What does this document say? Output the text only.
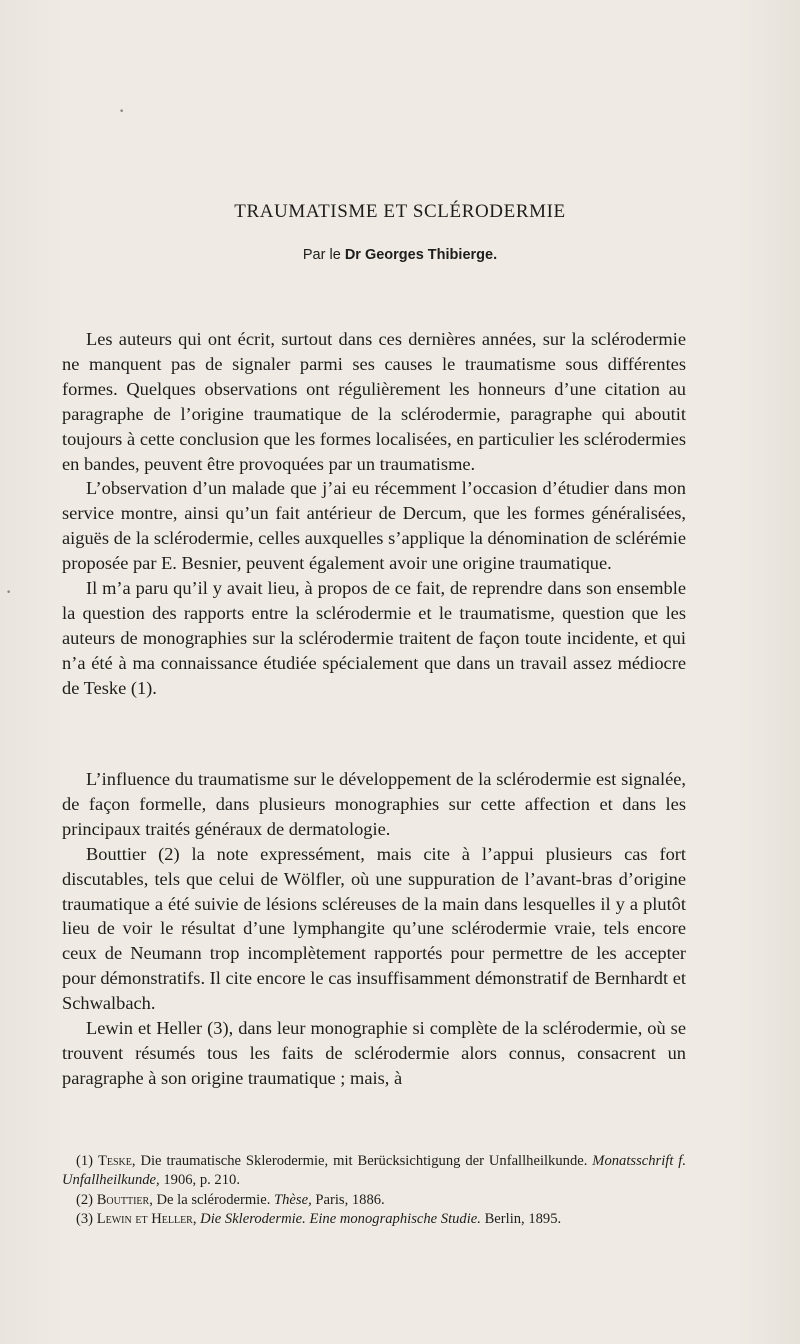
•
•
TRAUMATISME ET SCLÉRODERMIE

Par le Dr Georges Thibierge.

Les auteurs qui ont écrit, surtout dans ces dernières années, sur la sclérodermie ne manquent pas de signaler parmi ses causes le traumatisme sous différentes formes. Quelques observations ont régulièrement les honneurs d’une citation au paragraphe de l’origine traumatique de la sclérodermie, paragraphe qui aboutit toujours à cette conclusion que les formes localisées, en particulier les sclérodermies en bandes, peuvent être provoquées par un traumatisme.

L’observation d’un malade que j’ai eu récemment l’occasion d’étudier dans mon service montre, ainsi qu’un fait antérieur de Dercum, que les formes généralisées, aiguës de la sclérodermie, celles auxquelles s’applique la dénomination de sclérémie proposée par E. Besnier, peuvent également avoir une origine traumatique.

Il m’a paru qu’il y avait lieu, à propos de ce fait, de reprendre dans son ensemble la question des rapports entre la sclérodermie et le traumatisme, question que les auteurs de monographies sur la sclérodermie traitent de façon toute incidente, et qui n’a été à ma connaissance étudiée spécialement que dans un travail assez médiocre de Teske (1).

L’influence du traumatisme sur le développement de la sclérodermie est signalée, de façon formelle, dans plusieurs monographies sur cette affection et dans les principaux traités généraux de dermatologie.

Bouttier (2) la note expressément, mais cite à l’appui plusieurs cas fort discutables, tels que celui de Wölfler, où une suppuration de l’avant-bras d’origine traumatique a été suivie de lésions scléreuses de la main dans lesquelles il y a plutôt lieu de voir le résultat d’une lymphangite qu’une sclérodermie vraie, tels encore ceux de Neumann trop incomplètement rapportés pour permettre de les accepter pour démonstratifs. Il cite encore le cas insuffisamment démonstratif de Bernhardt et Schwalbach.

Lewin et Heller (3), dans leur monographie si complète de la sclérodermie, où se trouvent résumés tous les faits de sclérodermie alors connus, consacrent un paragraphe à son origine traumatique ; mais, à

(1) Teske, Die traumatische Sklerodermie, mit Berücksichtigung der Unfallheilkunde. Monatsschrift f. Unfallheilkunde, 1906, p. 210.

(2) Bouttier, De la sclérodermie. Thèse, Paris, 1886.

(3) Lewin et Heller, Die Sklerodermie. Eine monographische Studie. Berlin, 1895.
